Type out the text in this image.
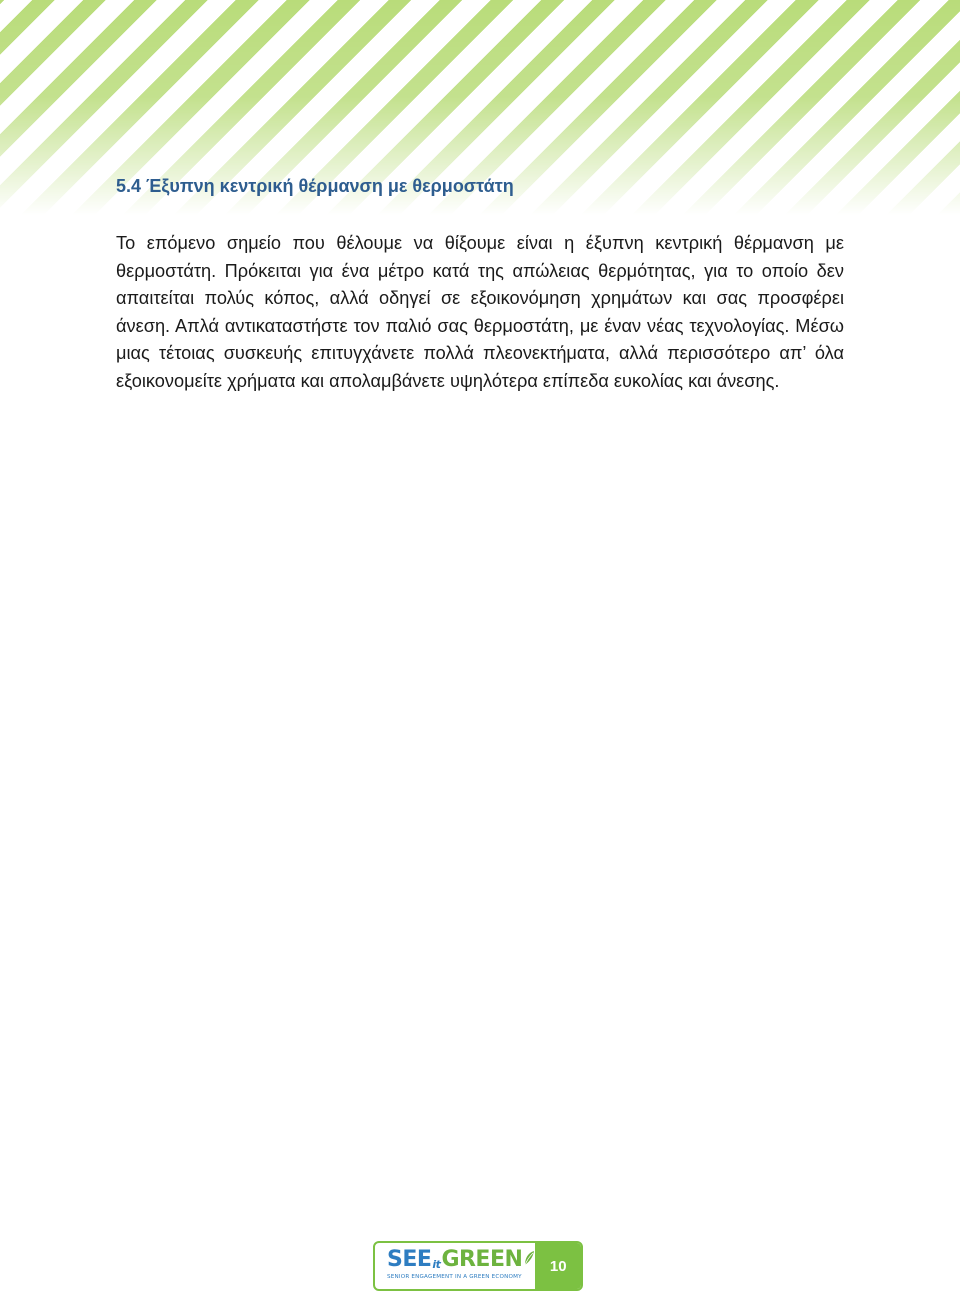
5.4 Έξυπνη κεντρική θέρμανση με θερμοστάτη

Το επόμενο σημείο που θέλουμε να θίξουμε είναι η έξυπνη κεντρική θέρμανση με θερμοστάτη. Πρόκειται για ένα μέτρο κατά της απώλειας θερμότητας, για το οποίο δεν απαιτείται πολύς κόπος, αλλά οδηγεί σε εξοικονόμηση χρημάτων και σας προσφέρει άνεση. Απλά αντικαταστήστε τον παλιό σας θερμοστάτη, με έναν νέας τεχνολογίας. Μέσω μιας τέτοιας συσκευής επιτυγχάνετε πολλά πλεονεκτήματα, αλλά περισσότερο απ’ όλα εξοικονομείτε χρήματα και απολαμβάνετε υψηλότερα επίπεδα ευκολίας και άνεσης.

SEE it GREEN
SENIOR ENGAGEMENT IN A GREEN ECONOMY
10
